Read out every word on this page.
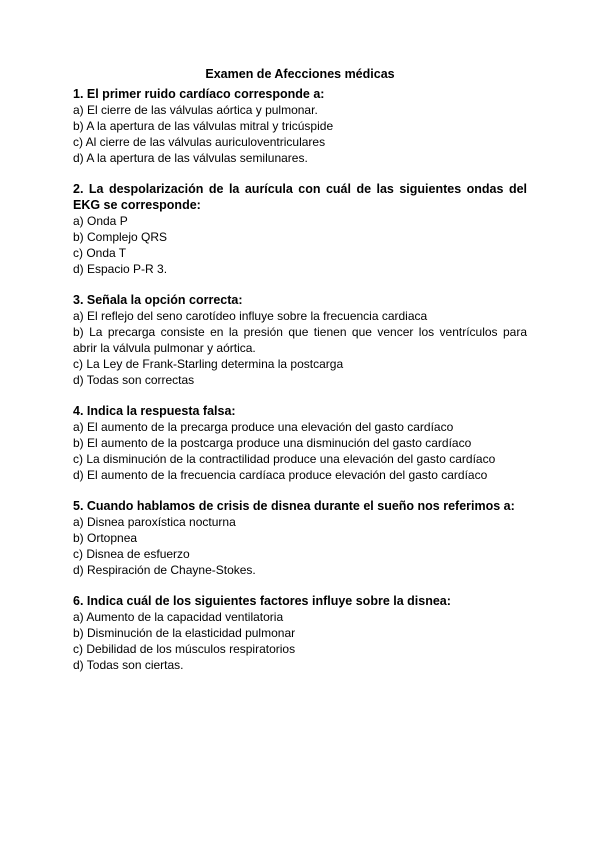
Examen de Afecciones médicas
1. El primer ruido cardíaco corresponde a:
a) El cierre de las válvulas aórtica y pulmonar.
b) A la apertura de las válvulas mitral y tricúspide
c) Al cierre de las válvulas auriculoventriculares
d) A la apertura de las válvulas semilunares.
2. La despolarización de la aurícula con cuál de las siguientes ondas del EKG se corresponde:
a) Onda P
b) Complejo QRS
c) Onda T
d) Espacio P-R 3.
3. Señala la opción correcta:
a) El reflejo del seno carotídeo influye sobre la frecuencia cardiaca
b) La precarga consiste en la presión que tienen que vencer los ventrículos para abrir la válvula pulmonar y aórtica.
c) La Ley de Frank-Starling determina la postcarga
d) Todas son correctas
4. Indica la respuesta falsa:
a) El aumento de la precarga produce una elevación del gasto cardíaco
b) El aumento de la postcarga produce una disminución del gasto cardíaco
c) La disminución de la contractilidad produce una elevación del gasto cardíaco
d) El aumento de la frecuencia cardíaca produce elevación del gasto cardíaco
5. Cuando hablamos de crisis de disnea durante el sueño nos referimos a:
a) Disnea paroxística nocturna
b) Ortopnea
c) Disnea de esfuerzo
d) Respiración de Chayne-Stokes.
6. Indica cuál de los siguientes factores influye sobre la disnea:
a) Aumento de la capacidad ventilatoria
b) Disminución de la elasticidad pulmonar
c) Debilidad de los músculos respiratorios
d) Todas son ciertas.
